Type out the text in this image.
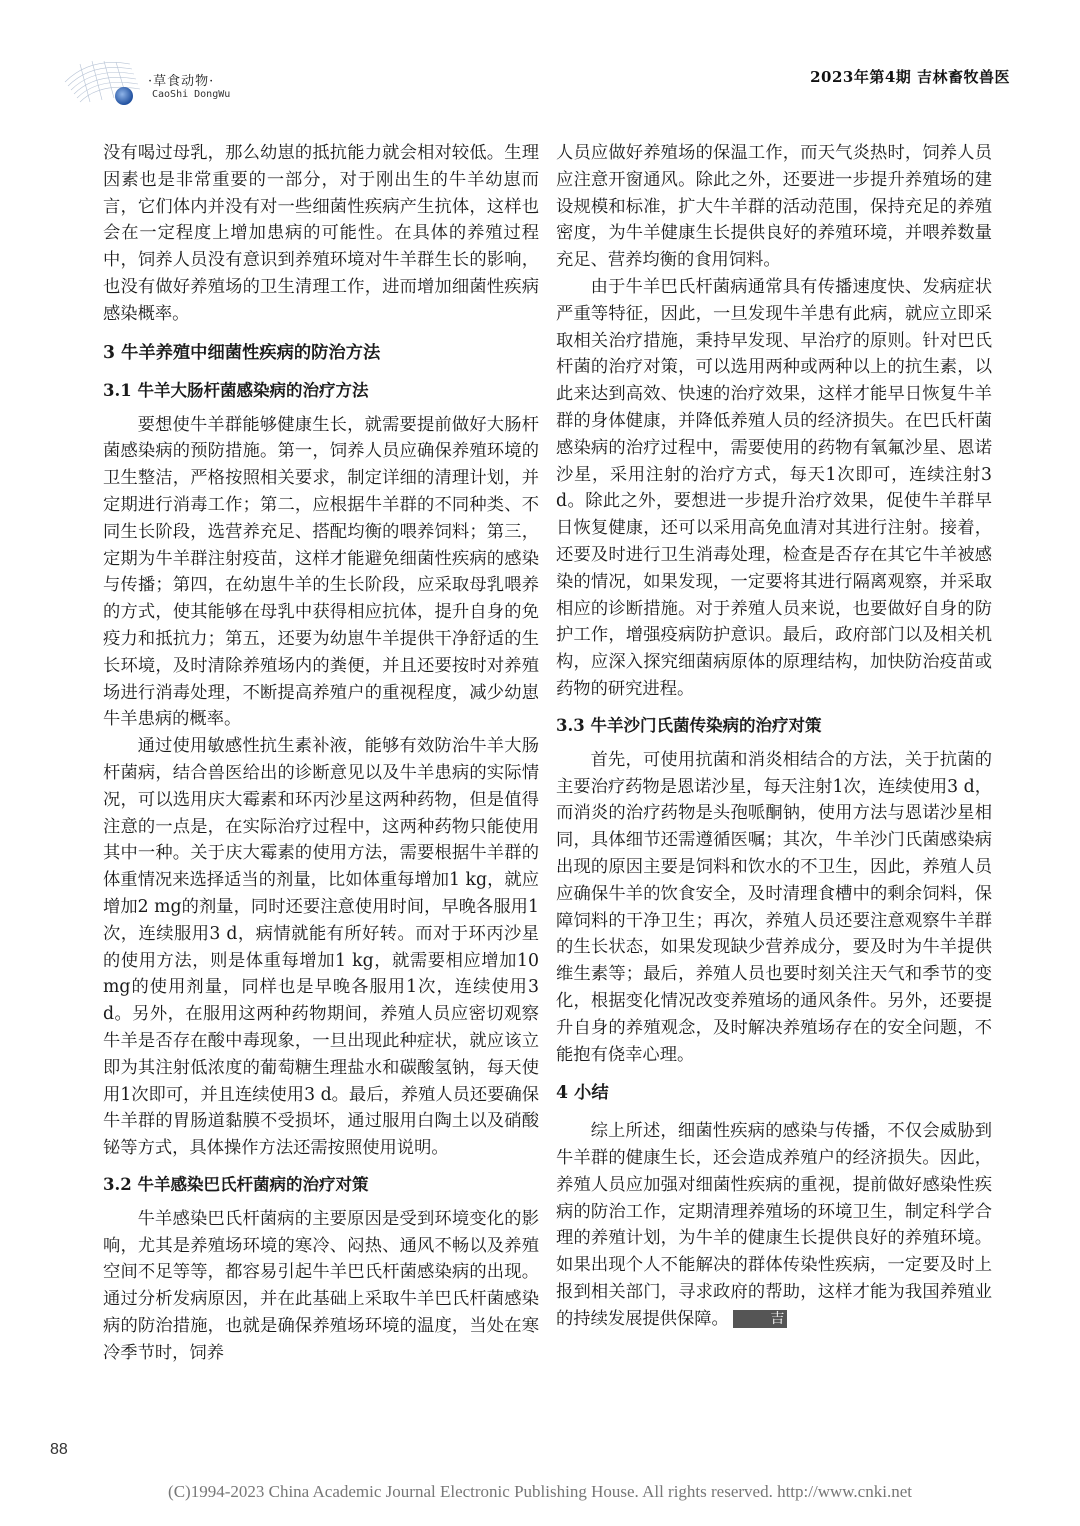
·草食动物·
CaoShi DongWu
2023年第4期 吉林畜牧兽医

没有喝过母乳，那么幼崽的抵抗能力就会相对较低。生理因素也是非常重要的一部分，对于刚出生的牛羊幼崽而言，它们体内并没有对一些细菌性疾病产生抗体，这样也会在一定程度上增加患病的可能性。在具体的养殖过程中，饲养人员没有意识到养殖环境对牛羊群生长的影响，也没有做好养殖场的卫生清理工作，进而增加细菌性疾病感染概率。

3 牛羊养殖中细菌性疾病的防治方法
3.1 牛羊大肠杆菌感染病的治疗方法

要想使牛羊群能够健康生长，就需要提前做好大肠杆菌感染病的预防措施。第一，饲养人员应确保养殖环境的卫生整洁，严格按照相关要求，制定详细的清理计划，并定期进行消毒工作；第二，应根据牛羊群的不同种类、不同生长阶段，选营养充足、搭配均衡的喂养饲料；第三，定期为牛羊群注射疫苗，这样才能避免细菌性疾病的感染与传播；第四，在幼崽牛羊的生长阶段，应采取母乳喂养的方式，使其能够在母乳中获得相应抗体，提升自身的免疫力和抵抗力；第五，还要为幼崽牛羊提供干净舒适的生长环境，及时清除养殖场内的粪便，并且还要按时对养殖场进行消毒处理，不断提高养殖户的重视程度，减少幼崽牛羊患病的概率。

通过使用敏感性抗生素补液，能够有效防治牛羊大肠杆菌病，结合兽医给出的诊断意见以及牛羊患病的实际情况，可以选用庆大霉素和环丙沙星这两种药物，但是值得注意的一点是，在实际治疗过程中，这两种药物只能使用其中一种。关于庆大霉素的使用方法，需要根据牛羊群的体重情况来选择适当的剂量，比如体重每增加1 kg，就应增加2 mg的剂量，同时还要注意使用时间，早晚各服用1次，连续服用3 d，病情就能有所好转。而对于环丙沙星的使用方法，则是体重每增加1 kg，就需要相应增加10 mg的使用剂量，同样也是早晚各服用1次，连续使用3 d。另外，在服用这两种药物期间，养殖人员应密切观察牛羊是否存在酸中毒现象，一旦出现此种症状，就应该立即为其注射低浓度的葡萄糖生理盐水和碳酸氢钠，每天使用1次即可，并且连续使用3 d。最后，养殖人员还要确保牛羊群的胃肠道黏膜不受损坏，通过服用白陶土以及硝酸铋等方式，具体操作方法还需按照使用说明。

3.2 牛羊感染巴氏杆菌病的治疗对策

牛羊感染巴氏杆菌病的主要原因是受到环境变化的影响，尤其是养殖场环境的寒冷、闷热、通风不畅以及养殖空间不足等等，都容易引起牛羊巴氏杆菌感染病的出现。通过分析发病原因，并在此基础上采取牛羊巴氏杆菌感染病的防治措施，也就是确保养殖场环境的温度，当处在寒冷季节时，饲养

人员应做好养殖场的保温工作，而天气炎热时，饲养人员应注意开窗通风。除此之外，还要进一步提升养殖场的建设规模和标准，扩大牛羊群的活动范围，保持充足的养殖密度，为牛羊健康生长提供良好的养殖环境，并喂养数量充足、营养均衡的食用饲料。

由于牛羊巴氏杆菌病通常具有传播速度快、发病症状严重等特征，因此，一旦发现牛羊患有此病，就应立即采取相关治疗措施，秉持早发现、早治疗的原则。针对巴氏杆菌的治疗对策，可以选用两种或两种以上的抗生素，以此来达到高效、快速的治疗效果，这样才能早日恢复牛羊群的身体健康，并降低养殖人员的经济损失。在巴氏杆菌感染病的治疗过程中，需要使用的药物有氧氟沙星、恩诺沙星，采用注射的治疗方式，每天1次即可，连续注射3 d。除此之外，要想进一步提升治疗效果，促使牛羊群早日恢复健康，还可以采用高免血清对其进行注射。接着，还要及时进行卫生消毒处理，检查是否存在其它牛羊被感染的情况，如果发现，一定要将其进行隔离观察，并采取相应的诊断措施。对于养殖人员来说，也要做好自身的防护工作，增强疫病防护意识。最后，政府部门以及相关机构，应深入探究细菌病原体的原理结构，加快防治疫苗或药物的研究进程。

3.3 牛羊沙门氏菌传染病的治疗对策

首先，可使用抗菌和消炎相结合的方法，关于抗菌的主要治疗药物是恩诺沙星，每天注射1次，连续使用3 d，而消炎的治疗药物是头孢哌酮钠，使用方法与恩诺沙星相同，具体细节还需遵循医嘱；其次，牛羊沙门氏菌感染病出现的原因主要是饲料和饮水的不卫生，因此，养殖人员应确保牛羊的饮食安全，及时清理食槽中的剩余饲料，保障饲料的干净卫生；再次，养殖人员还要注意观察牛羊群的生长状态，如果发现缺少营养成分，要及时为牛羊提供维生素等；最后，养殖人员也要时刻关注天气和季节的变化，根据变化情况改变养殖场的通风条件。另外，还要提升自身的养殖观念，及时解决养殖场存在的安全问题，不能抱有侥幸心理。

4 小结

综上所述，细菌性疾病的感染与传播，不仅会威胁到牛羊群的健康生长，还会造成养殖户的经济损失。因此，养殖人员应加强对细菌性疾病的重视，提前做好感染性疾病的防治工作，定期清理养殖场的环境卫生，制定科学合理的养殖计划，为牛羊的健康生长提供良好的养殖环境。如果出现个人不能解决的群体传染性疾病，一定要及时上报到相关部门，寻求政府的帮助，这样才能为我国养殖业的持续发展提供保障。	吉

88
(C)1994-2023 China Academic Journal Electronic Publishing House. All rights reserved. http://www.cnki.net
